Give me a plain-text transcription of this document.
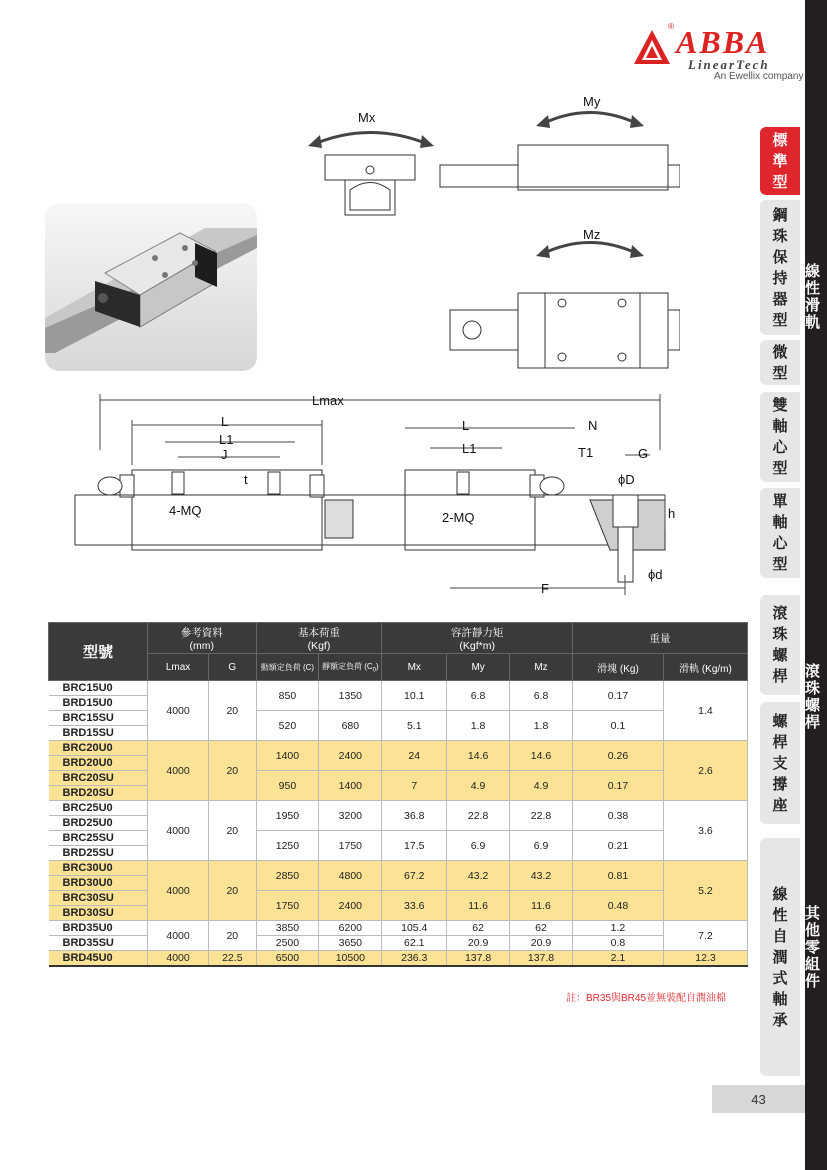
® ABBA
LinearTech
An Ewellix company
標
準
型
鋼
珠
保
持
器
型
微
型
雙
軸
心
型
單
軸
心
型
滾
珠
螺
桿
螺
桿
支
撐
座
線
性
自
潤
式
軸
承
線性滑軌
滾珠螺桿
其他零組件
43
Mx
My
Mz
Lmax
L
L1
J
t
4-MQ
L
L1
2-MQ
N
T1	G
ϕD
h
ϕd
F
型號	參考資料
(mm)		基本荷重
(Kgf)		容許靜力矩
(Kgf*m)			重量	
	Lmax	G	動額定負荷 (C)	靜額定負荷 $(C_0)$	Mx	My	Mz	滑塊 (Kg)	滑軌 (Kg/m)
BRC15U0	4000	20	850	1350	10.1	6.8	6.8	0.17	1.4
BRD15U0									
BRC15SU			520	680	5.1	1.8	1.8	0.1	
BRD15SU									
BRC20U0	4000	20	1400	2400	24	14.6	14.6	0.26	2.6
BRD20U0									
BRC20SU			950	1400	7	4.9	4.9	0.17	
BRD20SU									
BRC25U0	4000	20	1950	3200	36.8	22.8	22.8	0.38	3.6
BRD25U0									
BRC25SU			1250	1750	17.5	6.9	6.9	0.21	
BRD25SU									
BRC30U0	4000	20	2850	4800	67.2	43.2	43.2	0.81	5.2
BRD30U0									
BRC30SU			1750	2400	33.6	11.6	11.6	0.48	
BRD30SU									
BRD35U0	4000	20	3850	6200	105.4	62	62	1.2	7.2
BRD35SU			2500	3650	62.1	20.9	20.9	0.8	
BRD45U0	4000	22.5	6500	10500	236.3	137.8	137.8	2.1	12.3
註：BR35與BR45並無裝配自潤油棉
